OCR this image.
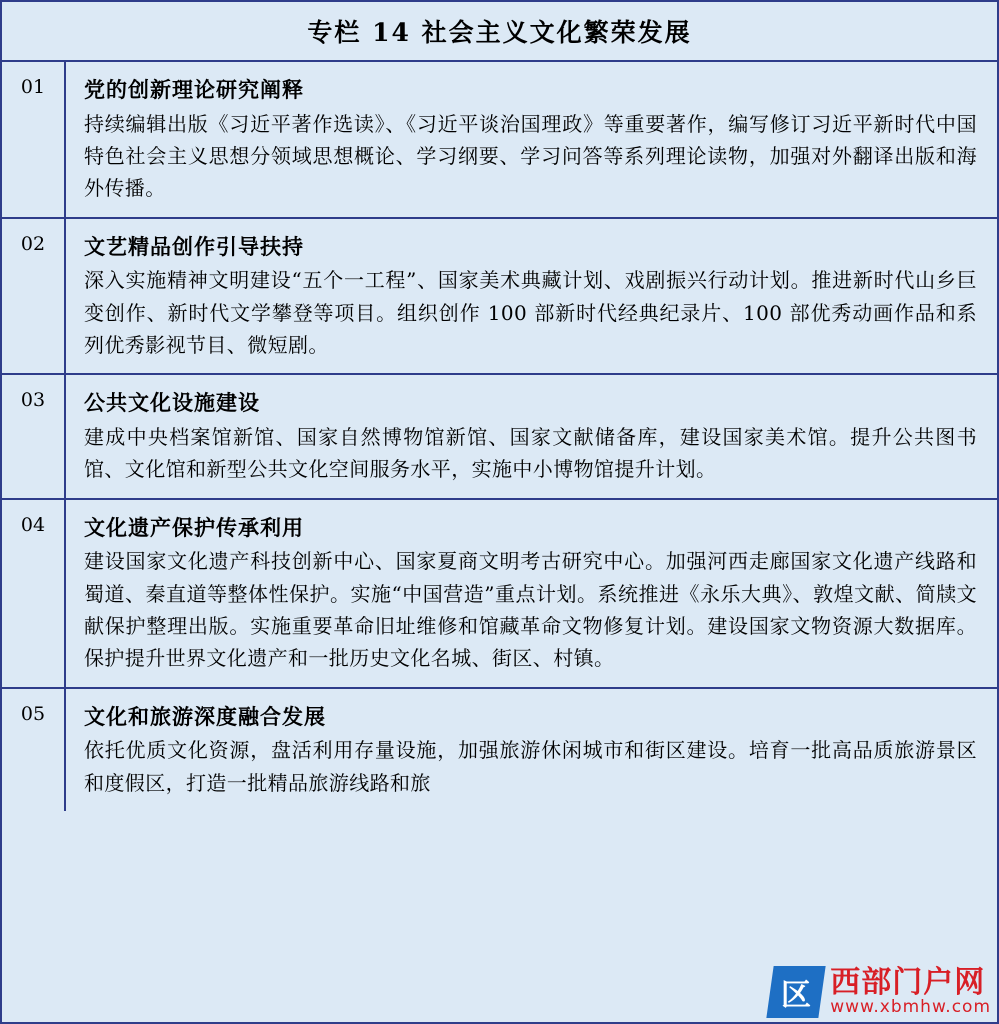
专栏 14 社会主义文化繁荣发展
01	党的创新理论研究阐释
持续编辑出版《习近平著作选读》、《习近平谈治国理政》等重要著作，编写修订习近平新时代中国特色社会主义思想分领域思想概论、学习纲要、学习问答等系列理论读物，加强对外翻译出版和海外传播。
02	文艺精品创作引导扶持
深入实施精神文明建设“五个一工程”、国家美术典藏计划、戏剧振兴行动计划。推进新时代山乡巨变创作、新时代文学攀登等项目。组织创作 100 部新时代经典纪录片、100 部优秀动画作品和系列优秀影视节目、微短剧。
03	公共文化设施建设
建成中央档案馆新馆、国家自然博物馆新馆、国家文献储备库，建设国家美术馆。提升公共图书馆、文化馆和新型公共文化空间服务水平，实施中小博物馆提升计划。
04	文化遗产保护传承利用
建设国家文化遗产科技创新中心、国家夏商文明考古研究中心。加强河西走廊国家文化遗产线路和蜀道、秦直道等整体性保护。实施“中国营造”重点计划。系统推进《永乐大典》、敦煌文献、简牍文献保护整理出版。实施重要革命旧址维修和馆藏革命文物修复计划。建设国家文物资源大数据库。保护提升世界文化遗产和一批历史文化名城、街区、村镇。
05	文化和旅游深度融合发展
依托优质文化资源，盘活利用存量设施，加强旅游休闲城市和街区建设。培育一批高品质旅游景区和度假区，打造一批精品旅游线路和旅
区 西部门户网
www.xbmhw.com
